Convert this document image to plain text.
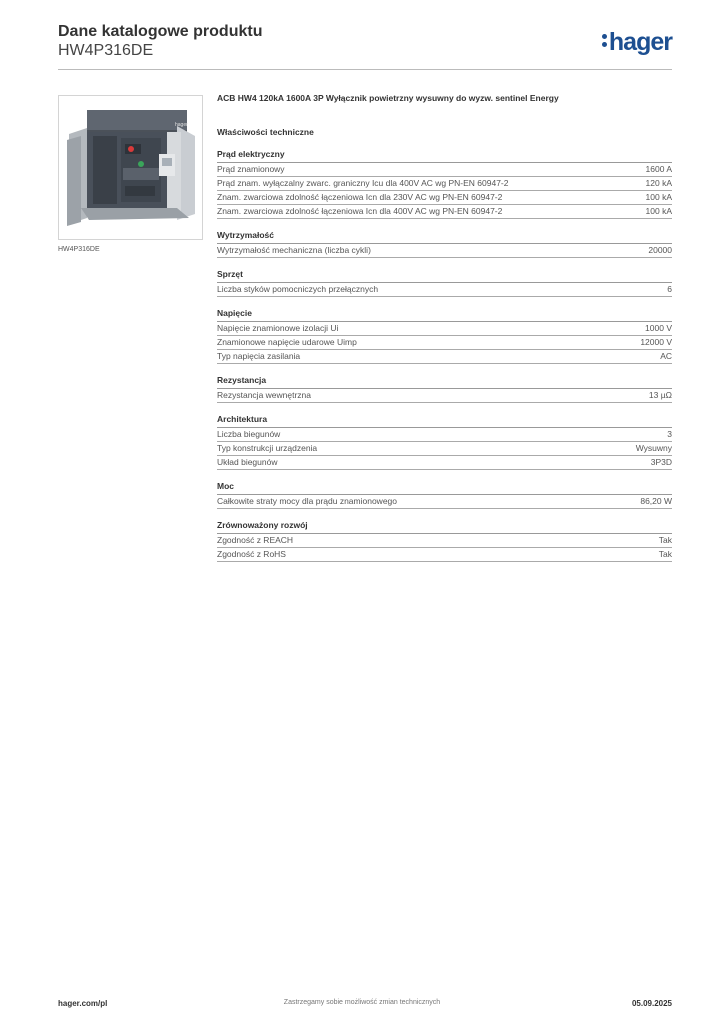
Dane katalogowe produktu
HW4P316DE	hager
hager
HW4P316DE
ACB HW4 120kA 1600A 3P Wyłącznik powietrzny wysuwny do wyzw. sentinel Energy
Właściwości techniczne
Prąd elektryczny
Prąd znamionowy	1600 A
Prąd znam. wyłączalny zwarc. graniczny Icu dla 400V AC wg PN-EN 60947-2	120 kA
Znam. zwarciowa zdolność łączeniowa Icn dla 230V AC wg PN-EN 60947-2	100 kA
Znam. zwarciowa zdolność łączeniowa Icn dla 400V AC wg PN-EN 60947-2	100 kA
Wytrzymałość
Wytrzymałość mechaniczna (liczba cykli)	20000
Sprzęt
Liczba styków pomocniczych przełącznych	6
Napięcie
Napięcie znamionowe izolacji Ui	1000 V
Znamionowe napięcie udarowe Uimp	12000 V
Typ napięcia zasilania	AC
Rezystancja
Rezystancja wewnętrzna	13 µΩ
Architektura
Liczba biegunów	3
Typ konstrukcji urządzenia	Wysuwny
Układ biegunów	3P3D
Moc
Całkowite straty mocy dla prądu znamionowego	86,20 W
Zrównoważony rozwój
Zgodność z REACH	Tak
Zgodność z RoHS	Tak
hager.com/pl	Zastrzegamy sobie możliwość zmian technicznych	05.09.2025
